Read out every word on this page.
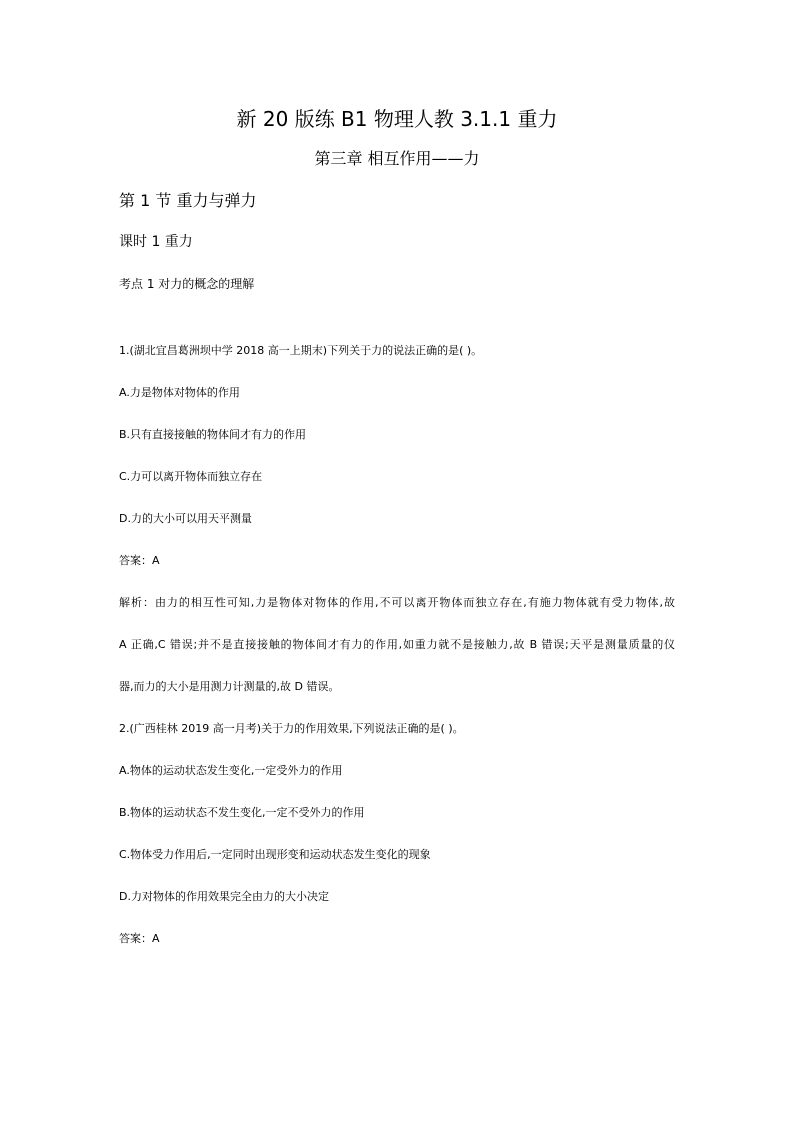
新 20 版练 B1 物理人教 3.1.1 重力
第三章 相互作用——力
第 1 节 重力与弹力
课时 1 重力
考点 1 对力的概念的理解
1.(湖北宜昌葛洲坝中学 2018 高一上期末)下列关于力的说法正确的是( )。
A.力是物体对物体的作用
B.只有直接接触的物体间才有力的作用
C.力可以离开物体而独立存在
D.力的大小可以用天平测量
答案：A
解析：由力的相互性可知,力是物体对物体的作用,不可以离开物体而独立存在,有施力物体就有受力物体,故
A 正确,C 错误;并不是直接接触的物体间才有力的作用,如重力就不是接触力,故 B 错误;天平是测量质量的仪
器,而力的大小是用测力计测量的,故 D 错误。
2.(广西桂林 2019 高一月考)关于力的作用效果,下列说法正确的是( )。
A.物体的运动状态发生变化,一定受外力的作用
B.物体的运动状态不发生变化,一定不受外力的作用
C.物体受力作用后,一定同时出现形变和运动状态发生变化的现象
D.力对物体的作用效果完全由力的大小决定
答案：A
